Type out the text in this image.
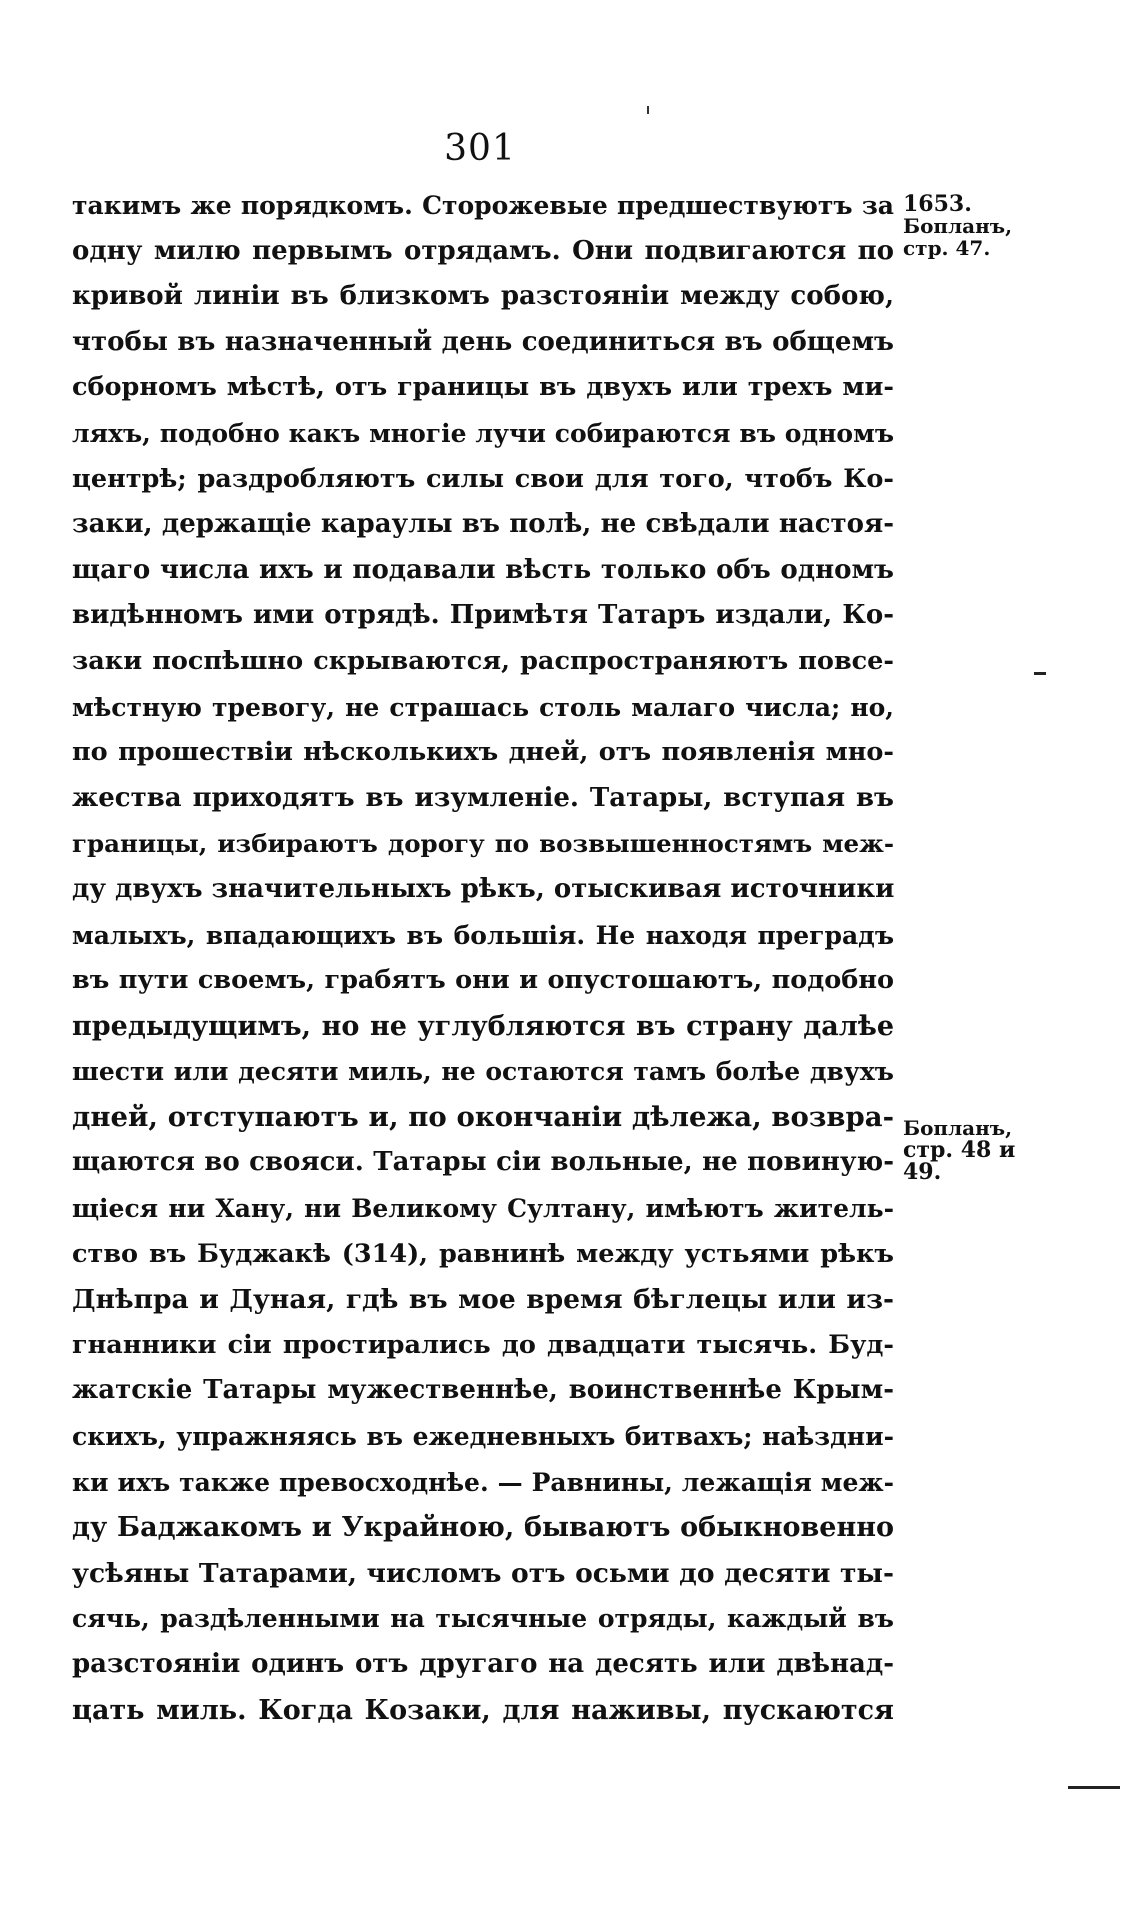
301
такимъ же порядкомъ. Сторожевые предшествуютъ за
одну милю первымъ отрядамъ. Они подвигаются по
кривой линіи въ близкомъ разстояніи между собою,
чтобы въ назначенный день соединиться въ общемъ
сборномъ мѣстѣ, отъ границы въ двухъ или трехъ ми-
ляхъ, подобно какъ многіе лучи собираются въ одномъ
центрѣ; раздробляютъ силы свои для того, чтобъ Ко-
заки, держащіе караулы въ полѣ, не свѣдали настоя-
щаго числа ихъ и подавали вѣсть только объ одномъ
видѣнномъ ими отрядѣ. Примѣтя Татаръ издали, Ко-
заки поспѣшно скрываются, распространяютъ повсе-
мѣстную тревогу, не страшась столь малаго числа; но,
по прошествіи нѣсколькихъ дней, отъ появленія мно-
жества приходятъ въ изумленіе. Татары, вступая въ
границы, избираютъ дорогу по возвышенностямъ меж-
ду двухъ значительныхъ рѣкъ, отыскивая источники
малыхъ, впадающихъ въ большія. Не находя преградъ
въ пути своемъ, грабятъ они и опустошаютъ, подобно
предыдущимъ, но не углубляются въ страну далѣе
шести или десяти миль, не остаются тамъ болѣе двухъ
дней, отступаютъ и, по окончаніи дѣлежа, возвра-
щаются во свояси. Татары сіи вольные, не повиную-
щіеся ни Хану, ни Великому Султану, имѣютъ житель-
ство въ Буджакѣ (314), равнинѣ между устьями рѣкъ
Днѣпра и Дуная, гдѣ въ мое время бѣглецы или из-
гнанники сіи простирались до двадцати тысячь. Буд-
жатскіе Татары мужественнѣе, воинственнѣе Крым-
скихъ, упражняясь въ ежедневныхъ битвахъ; наѣздни-
ки ихъ также превосходнѣе. — Равнины, лежащія меж-
ду Баджакомъ и Украйною, бываютъ обыкновенно
усѣяны Татарами, числомъ отъ осьми до десяти ты-
сячь, раздѣленными на тысячные отряды, каждый въ
разстояніи одинъ отъ другаго на десять или двѣнад-
цать миль. Когда Козаки, для наживы, пускаются
1653.
Бопланъ,
стр. 47.
Бопланъ,
стр. 48 и
49.
